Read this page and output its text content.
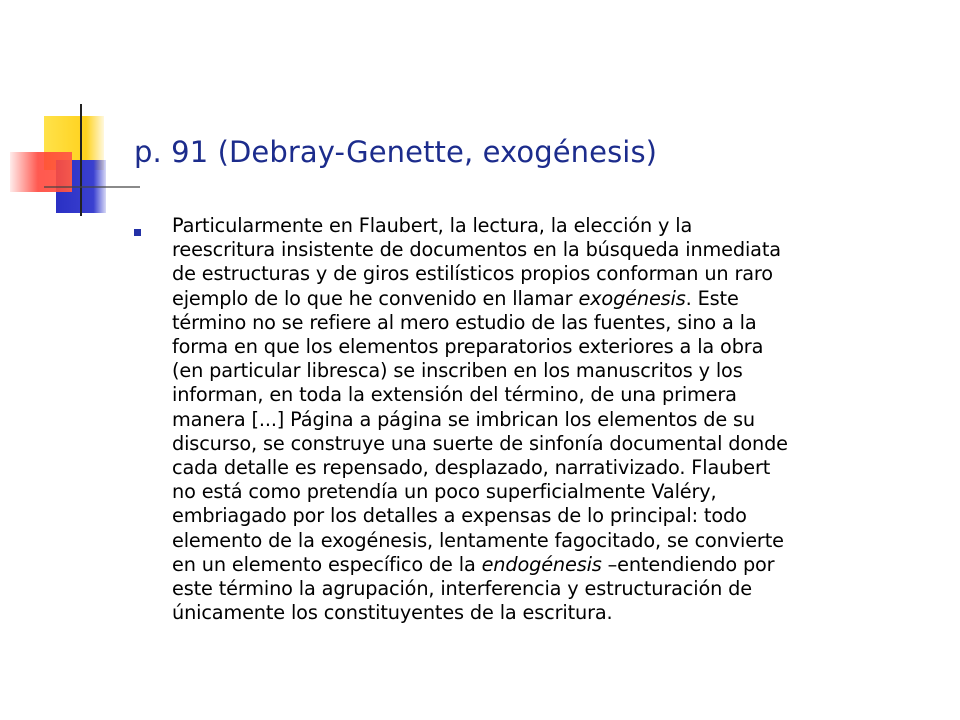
p. 91 (Debray-Genette, exogénesis)

Particularmente en Flaubert, la lectura, la elección y la
reescritura insistente de documentos en la búsqueda inmediata
de estructuras y de giros estilísticos propios conforman un raro
ejemplo de lo que he convenido en llamar exogénesis. Este
término no se refiere al mero estudio de las fuentes, sino a la
forma en que los elementos preparatorios exteriores a la obra
(en particular libresca) se inscriben en los manuscritos y los
informan, en toda la extensión del término, de una primera
manera [...] Página a página se imbrican los elementos de su
discurso, se construye una suerte de sinfonía documental donde
cada detalle es repensado, desplazado, narrativizado. Flaubert
no está como pretendía un poco superficialmente Valéry,
embriagado por los detalles a expensas de lo principal: todo
elemento de la exogénesis, lentamente fagocitado, se convierte
en un elemento específico de la endogénesis –entendiendo por
este término la agrupación, interferencia y estructuración de
únicamente los constituyentes de la escritura.
